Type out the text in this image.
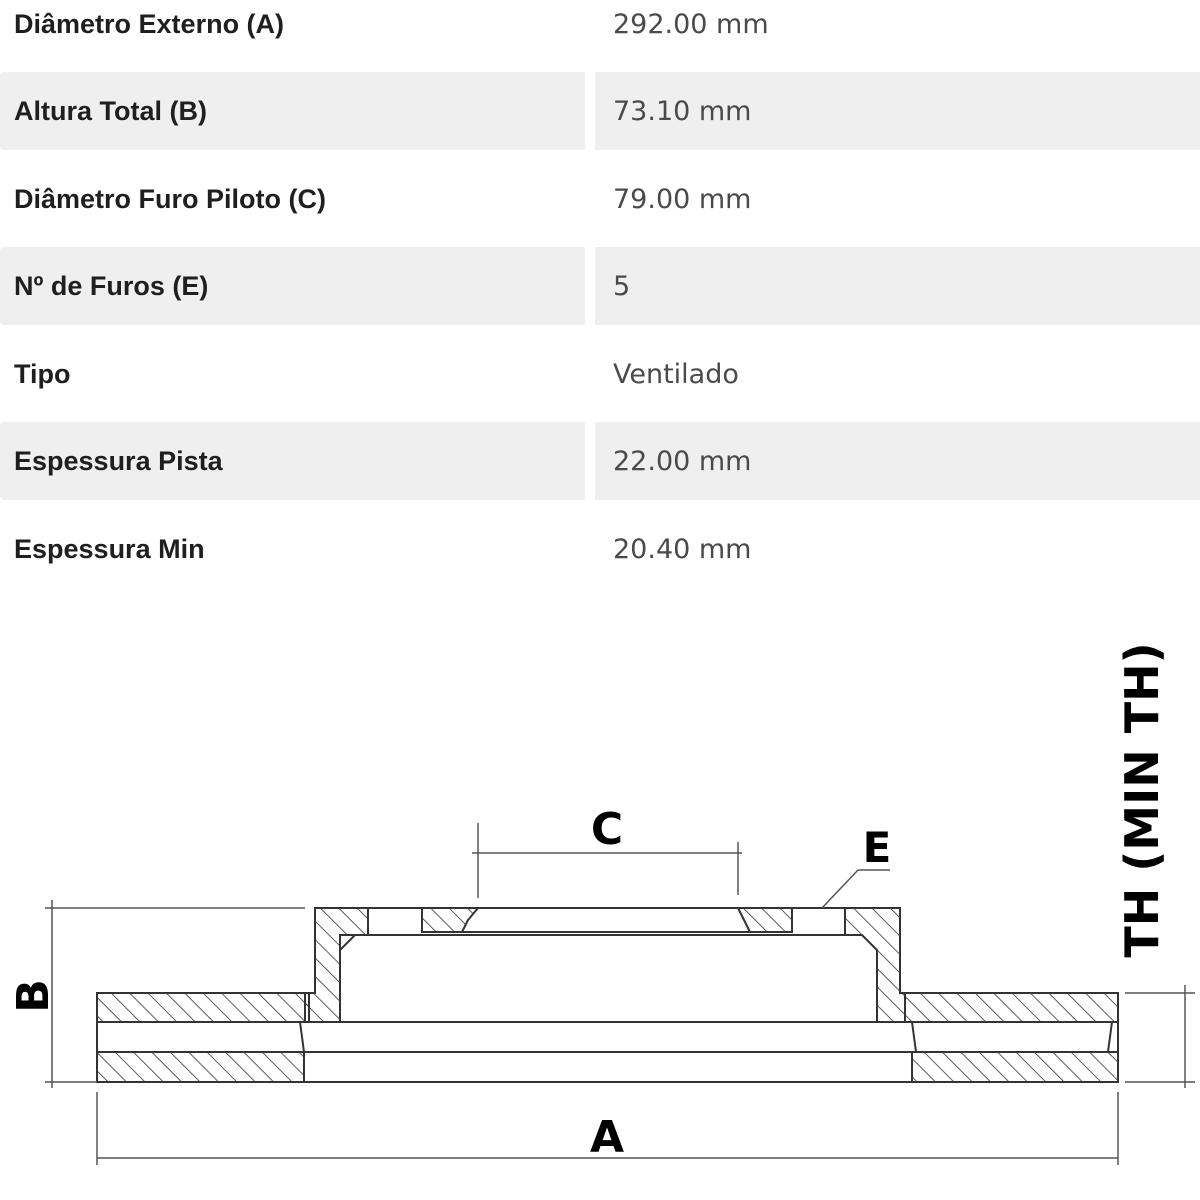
Diâmetro Externo (A)	292.00 mm
Altura Total (B)	73.10 mm
Diâmetro Furo Piloto (C)	79.00 mm
Nº de Furos (E)	5
Tipo	Ventilado
Espessura Pista	22.00 mm
Espessura Min	20.40 mm
A
B
C	E	TH (MIN TH)
